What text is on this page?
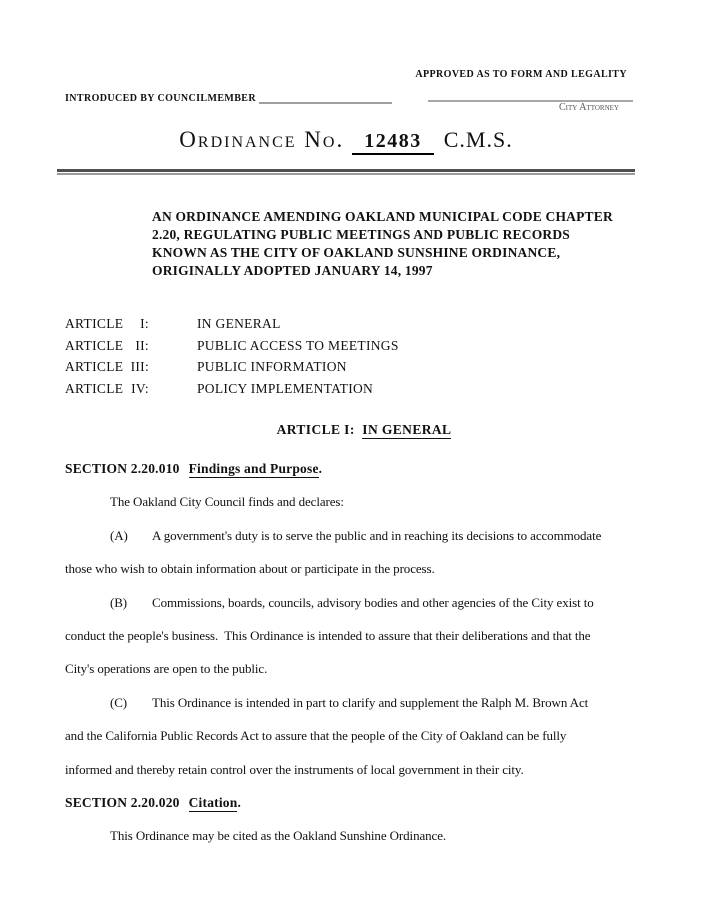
APPROVED AS TO FORM AND LEGALITY
INTRODUCED BY COUNCILMEMBER
City Attorney
Ordinance No. 12483 C.M.S.
AN ORDINANCE AMENDING OAKLAND MUNICIPAL CODE CHAPTER
2.20, REGULATING PUBLIC MEETINGS AND PUBLIC RECORDS
KNOWN AS THE CITY OF OAKLAND SUNSHINE ORDINANCE,
ORIGINALLY ADOPTED JANUARY 14, 1997
ARTICLE I:	IN GENERAL
ARTICLE II:	PUBLIC ACCESS TO MEETINGS
ARTICLE III:	PUBLIC INFORMATION
ARTICLE IV:	POLICY IMPLEMENTATION
ARTICLE I: IN GENERAL
SECTION 2.20.010 Findings and Purpose.
The Oakland City Council finds and declares:
(A) A government's duty is to serve the public and in reaching its decisions to accommodate
those who wish to obtain information about or participate in the process.
(B) Commissions, boards, councils, advisory bodies and other agencies of the City exist to
conduct the people's business.  This Ordinance is intended to assure that their deliberations and that the
City's operations are open to the public.
(C) This Ordinance is intended in part to clarify and supplement the Ralph M. Brown Act
and the California Public Records Act to assure that the people of the City of Oakland can be fully
informed and thereby retain control over the instruments of local government in their city.
SECTION 2.20.020 Citation.
This Ordinance may be cited as the Oakland Sunshine Ordinance.
